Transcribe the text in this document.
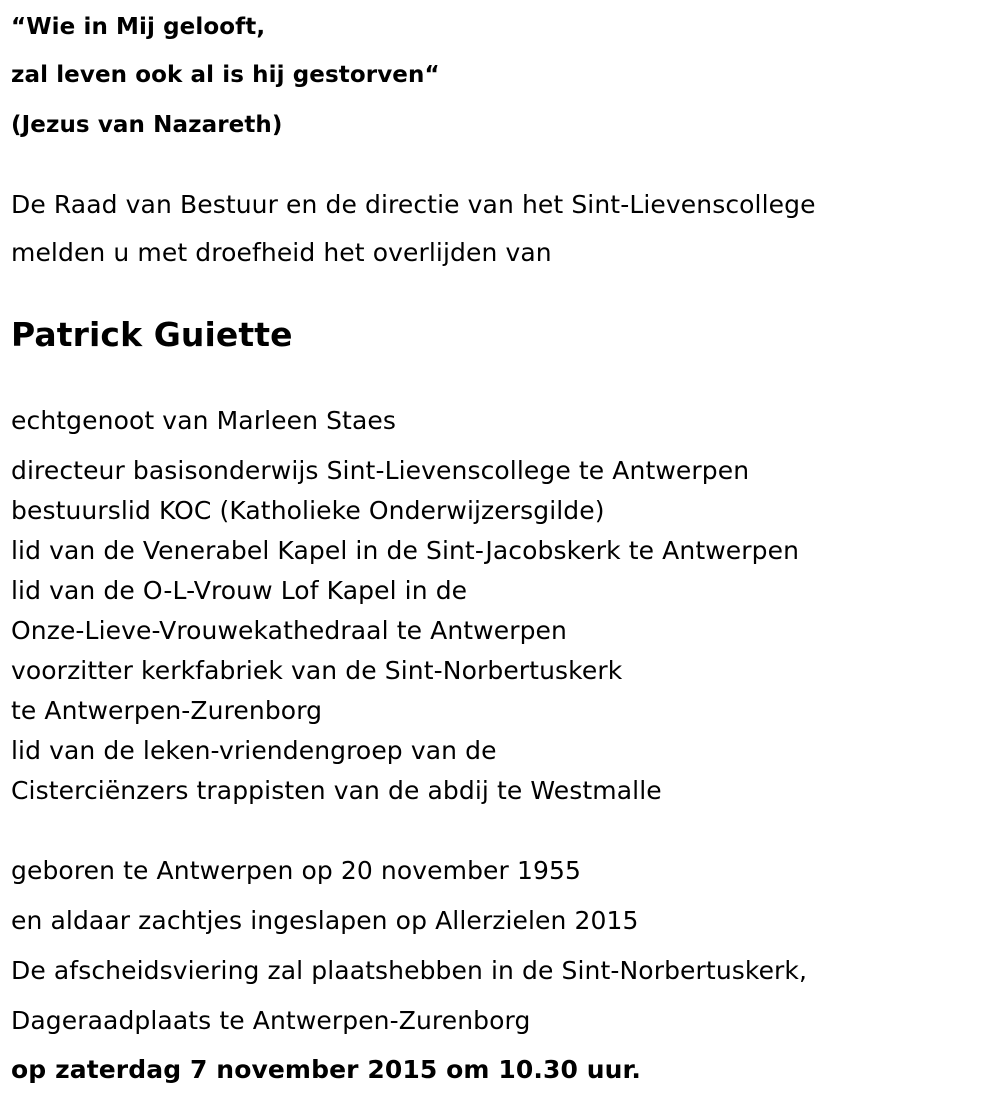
“Wie in Mij gelooft,
zal leven ook al is hij gestorven“
(Jezus van Nazareth)
De Raad van Bestuur en de directie van het Sint-Lievenscollege
melden u met droefheid het overlijden van
Patrick Guiette
echtgenoot van Marleen Staes
directeur basisonderwijs Sint-Lievenscollege te Antwerpen
bestuurslid KOC (Katholieke Onderwijzersgilde)
lid van de Venerabel Kapel in de Sint-Jacobskerk te Antwerpen
lid van de O-L-Vrouw Lof Kapel in de
Onze-Lieve-Vrouwekathedraal te Antwerpen
voorzitter kerkfabriek van de Sint-Norbertuskerk
te Antwerpen-Zurenborg
lid van de leken-vriendengroep van de
Cisterciënzers trappisten van de abdij te Westmalle
geboren te Antwerpen op 20 november 1955
en aldaar zachtjes ingeslapen op Allerzielen 2015
De afscheidsviering zal plaatshebben in de Sint-Norbertuskerk,
Dageraadplaats te Antwerpen-Zurenborg
op zaterdag 7 november 2015 om 10.30 uur.
